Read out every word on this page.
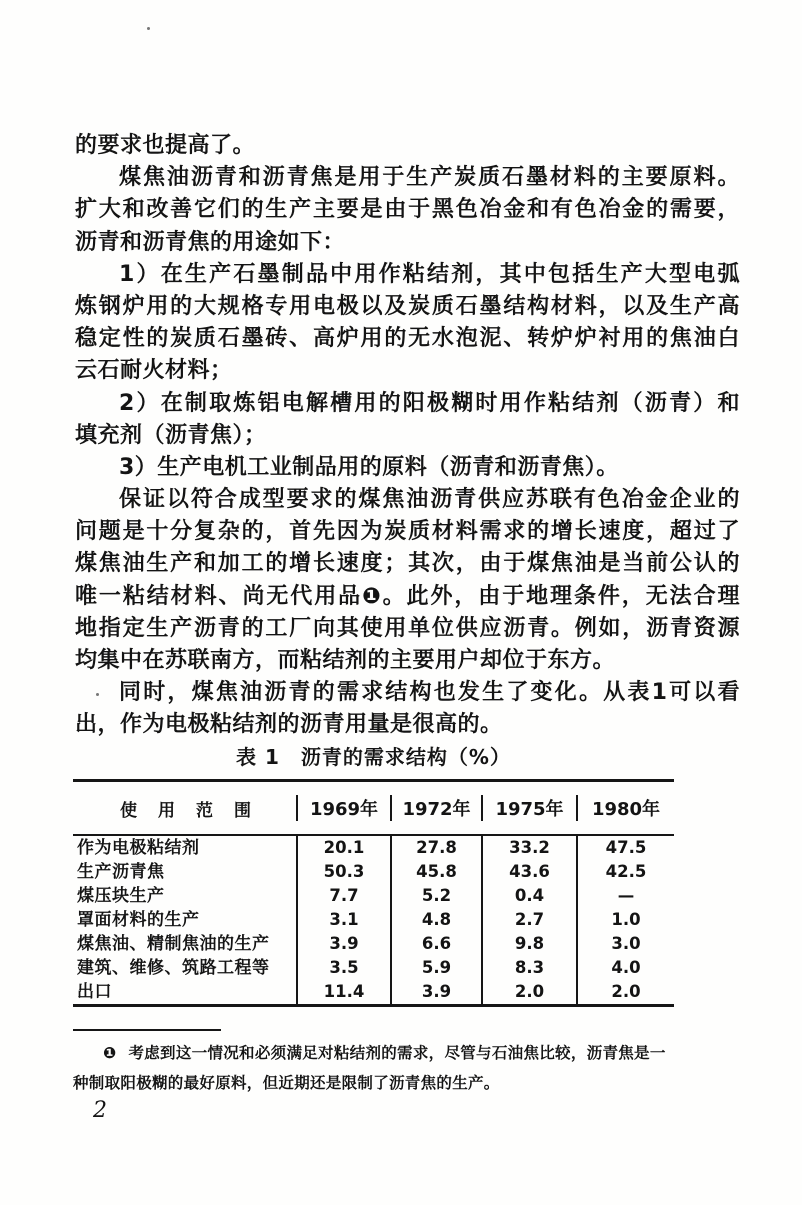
的要求也提高了。
煤焦油沥青和沥青焦是用于生产炭质石墨材料的主要原料。
扩大和改善它们的生产主要是由于黑色冶金和有色冶金的需要，
沥青和沥青焦的用途如下：
1）在生产石墨制品中用作粘结剂，其中包括生产大型电弧
炼钢炉用的大规格专用电极以及炭质石墨结构材料，以及生产高
稳定性的炭质石墨砖、高炉用的无水泡泥、转炉炉衬用的焦油白
云石耐火材料；
2）在制取炼铝电解槽用的阳极糊时用作粘结剂（沥青）和
填充剂（沥青焦）；
3）生产电机工业制品用的原料（沥青和沥青焦）。
保证以符合成型要求的煤焦油沥青供应苏联有色冶金企业的
问题是十分复杂的，首先因为炭质材料需求的增长速度，超过了
煤焦油生产和加工的增长速度；其次，由于煤焦油是当前公认的
唯一粘结材料、尚无代用品❶。此外，由于地理条件，无法合理
地指定生产沥青的工厂向其使用单位供应沥青。例如，沥青资源
均集中在苏联南方，而粘结剂的主要用户却位于东方。
同时，煤焦油沥青的需求结构也发生了变化。从表1可以看
出，作为电极粘结剂的沥青用量是很高的。
表 1　沥青的需求结构（%）
使　用　范　围	1969年	1972年	1975年	1980年
作为电极粘结剂	20.1	27.8	33.2	47.5
生产沥青焦	50.3	45.8	43.6	42.5
煤压块生产	7.7	5.2	0.4	—
罩面材料的生产	3.1	4.8	2.7	1.0
煤焦油、精制焦油的生产	3.9	6.6	9.8	3.0
建筑、维修、筑路工程等	3.5	5.9	8.3	4.0
出口	11.4	3.9	2.0	2.0
❶ 考虑到这一情况和必须满足对粘结剂的需求，尽管与石油焦比较，沥青焦是一
种制取阳极糊的最好原料，但近期还是限制了沥青焦的生产。
2
